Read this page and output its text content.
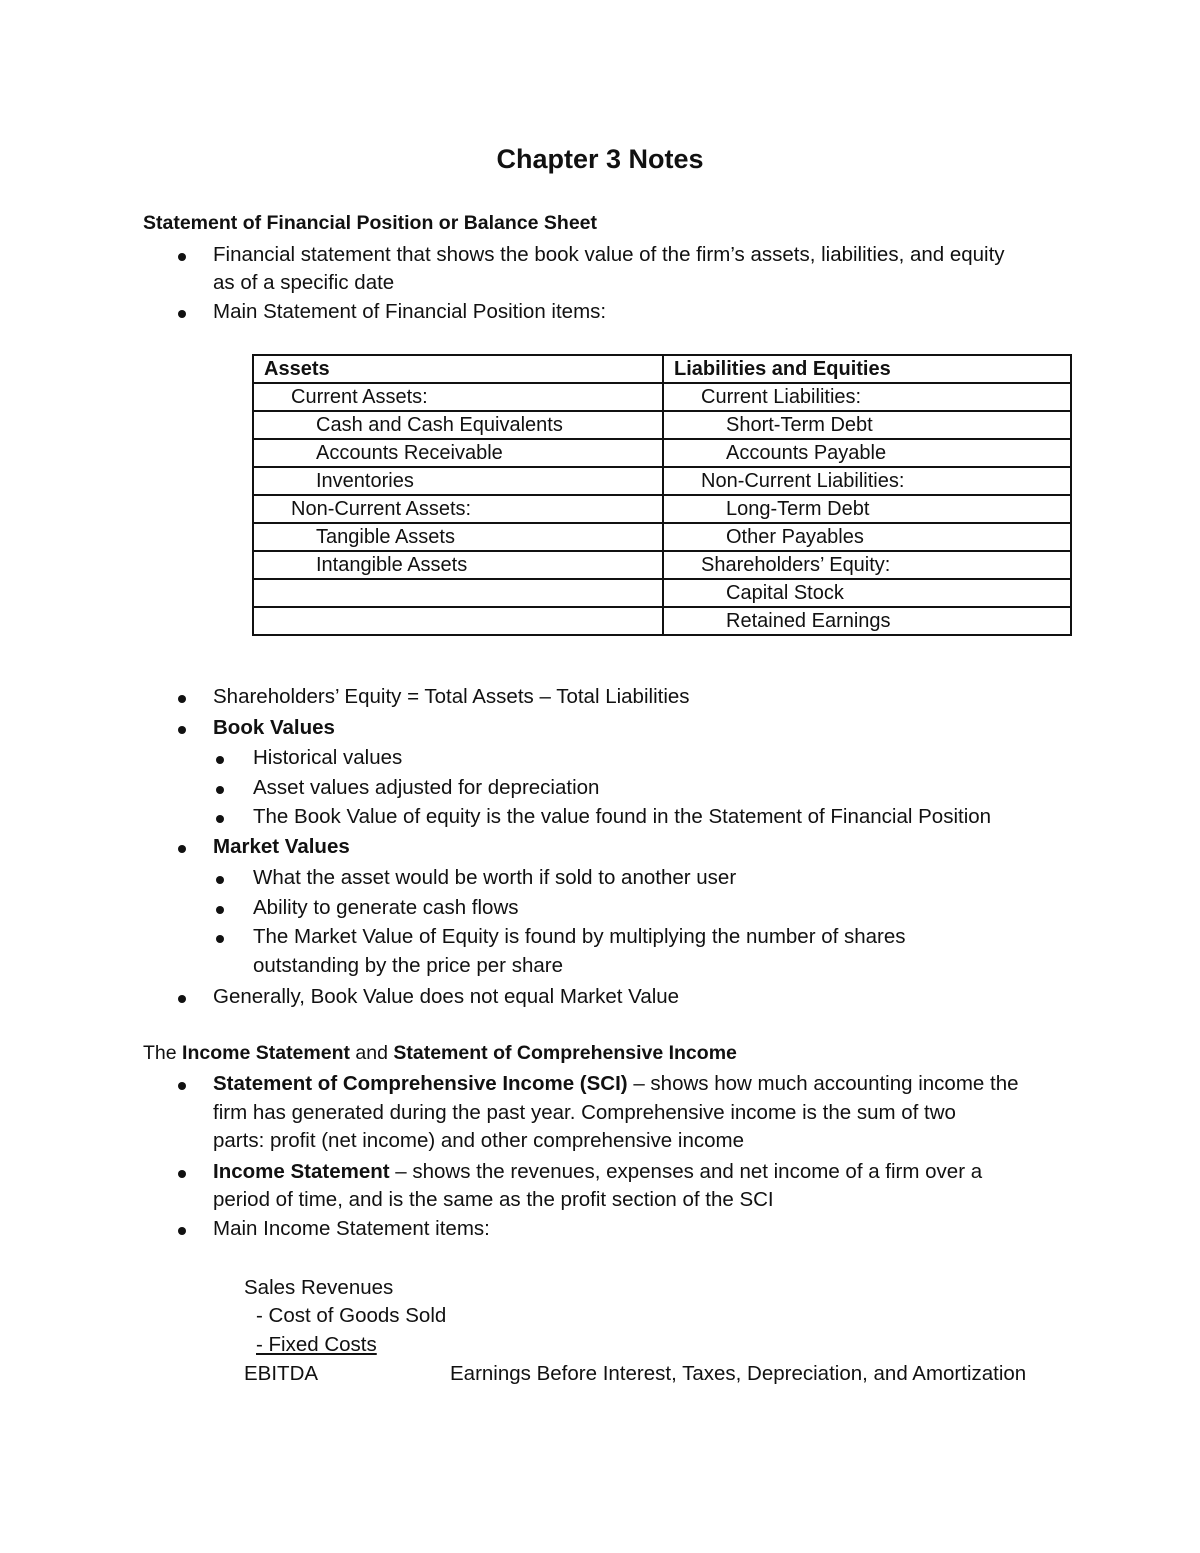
Chapter 3 Notes
Statement of Financial Position or Balance Sheet
Financial statement that shows the book value of the firm’s assets, liabilities, and equity
as of a specific date
Main Statement of Financial Position items:
Assets	Liabilities and Equities
Current Assets:	Current Liabilities:
Cash and Cash Equivalents	Short-Term Debt
Accounts Receivable	Accounts Payable
Inventories	Non-Current Liabilities:
Non-Current Assets:	Long-Term Debt
Tangible Assets	Other Payables
Intangible Assets	Shareholders’ Equity:
	Capital Stock
	Retained Earnings
Shareholders’ Equity = Total Assets – Total Liabilities
Book Values
Historical values
Asset values adjusted for depreciation
The Book Value of equity is the value found in the Statement of Financial Position
Market Values
What the asset would be worth if sold to another user
Ability to generate cash flows
The Market Value of Equity is found by multiplying the number of shares
outstanding by the price per share
Generally, Book Value does not equal Market Value
The Income Statement and Statement of Comprehensive Income
Statement of Comprehensive Income (SCI) – shows how much accounting income the
firm has generated during the past year. Comprehensive income is the sum of two
parts: profit (net income) and other comprehensive income
Income Statement – shows the revenues, expenses and net income of a firm over a
period of time, and is the same as the profit section of the SCI
Main Income Statement items:
Sales Revenues
- Cost of Goods Sold
- Fixed Costs
EBITDA	Earnings Before Interest, Taxes, Depreciation, and Amortization
